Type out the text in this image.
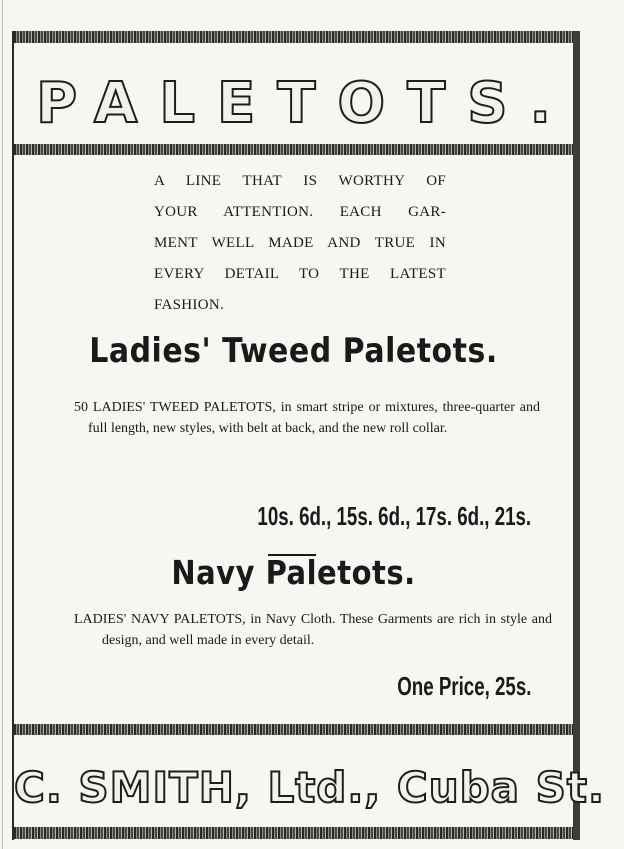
PALETOTS.
A LINE THAT IS WORTHY OF
YOUR ATTENTION. EACH GAR-
MENT WELL MADE AND TRUE IN
EVERY DETAIL TO THE LATEST
FASHION.
Ladies' Tweed Paletots.
50 LADIES' TWEED PALETOTS, in smart stripe or mixtures, three-quarter and full length, new styles, with belt at back, and the new roll collar.
10s. 6d., 15s. 6d., 17s. 6d., 21s.
Navy Paletots.
LADIES' NAVY PALETOTS, in Navy Cloth. These Garments are rich in style and design, and well made in every detail.
One Price, 25s.
C. SMITH, Ltd., Cuba St.
